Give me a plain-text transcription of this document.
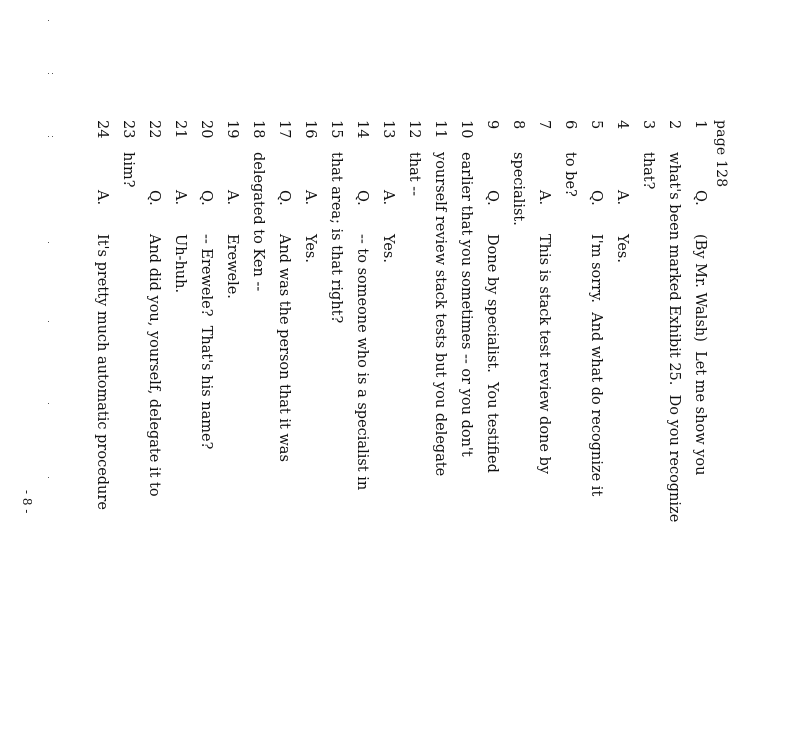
page 128
1
Q.(By Mr. Walsh)  Let me show you
2
what's been marked Exhibit 25.  Do you recognize
3
that?
4
A.Yes.
5
Q.I'm sorry.  And what do recognize it
6
to be?
7
A.This is stack test review done by
8
specialist.
9
Q.Done by specialist.  You testified
10
earlier that you sometimes -- or you don't
11
yourself review stack tests but you delegate
12
that --
13
A.Yes.
14
Q.-- to someone who is a specialist in
15
that area; is that right?
16
A.Yes.
17
Q.And was the person that it was
18
delegated to Ken --
19
A.Erewele.
20
Q.-- Erewele?  That's his name?
21
A.Uh-huh.
22
Q.And did you, yourself, delegate it to
23
him?
24
A.It's pretty much automatic procedure
- 8 -
